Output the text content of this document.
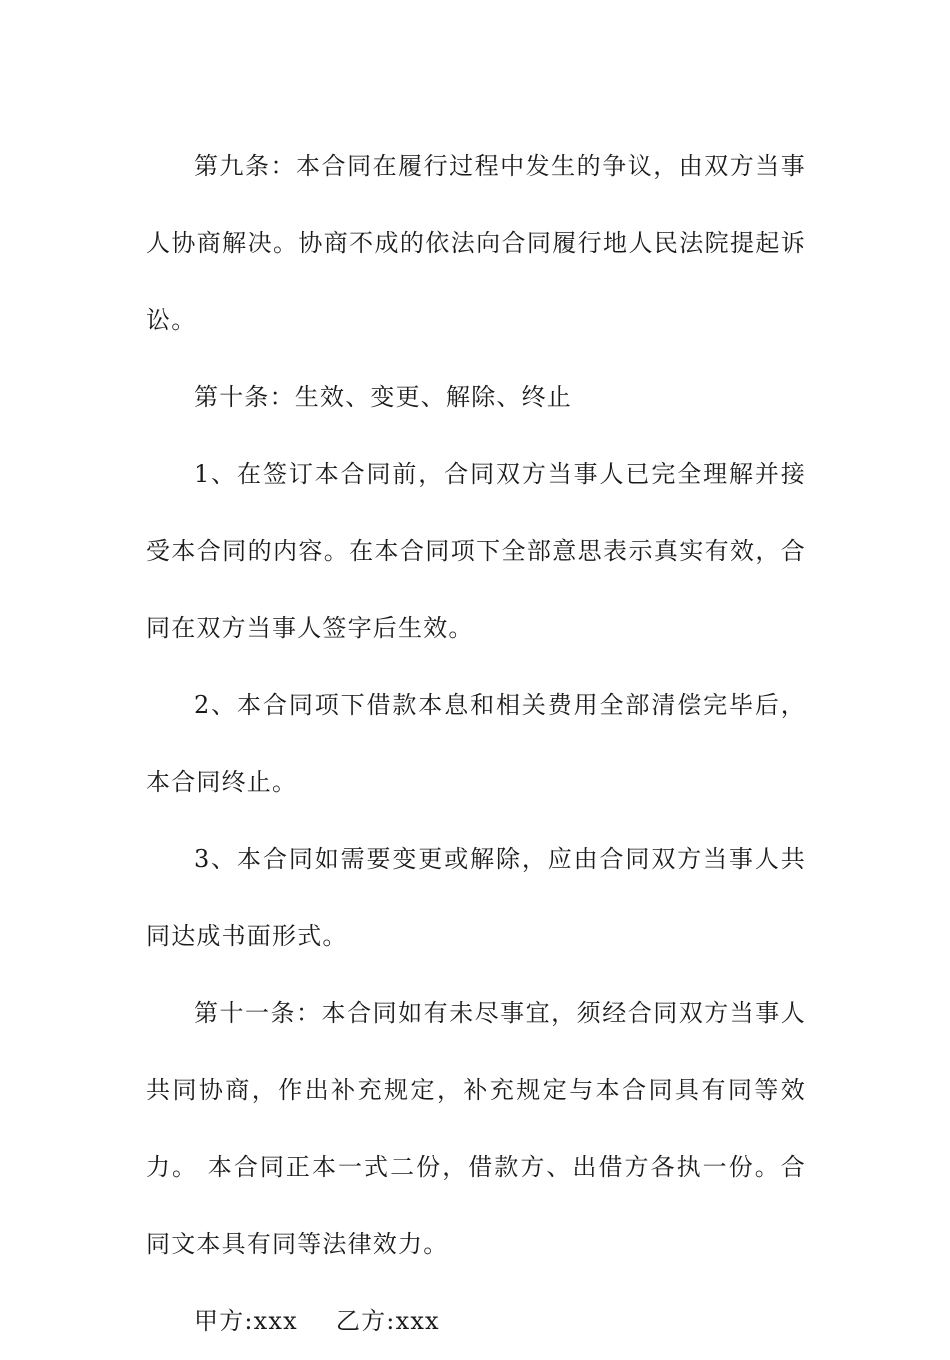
第九条：本合同在履行过程中发生的争议，由双方当事人协商解决。协商不成的依法向合同履行地人民法院提起诉讼。

第十条：生效、变更、解除、终止

1、在签订本合同前，合同双方当事人已完全理解并接受本合同的内容。在本合同项下全部意思表示真实有效，合同在双方当事人签字后生效。

2、本合同项下借款本息和相关费用全部清偿完毕后，本合同终止。

3、本合同如需要变更或解除，应由合同双方当事人共同达成书面形式。

第十一条：本合同如有未尽事宜，须经合同双方当事人共同协商，作出补充规定，补充规定与本合同具有同等效力。 本合同正本一式二份，借款方、出借方各执一份。合同文本具有同等法律效力。

甲方:xxx 乙方:xxx
